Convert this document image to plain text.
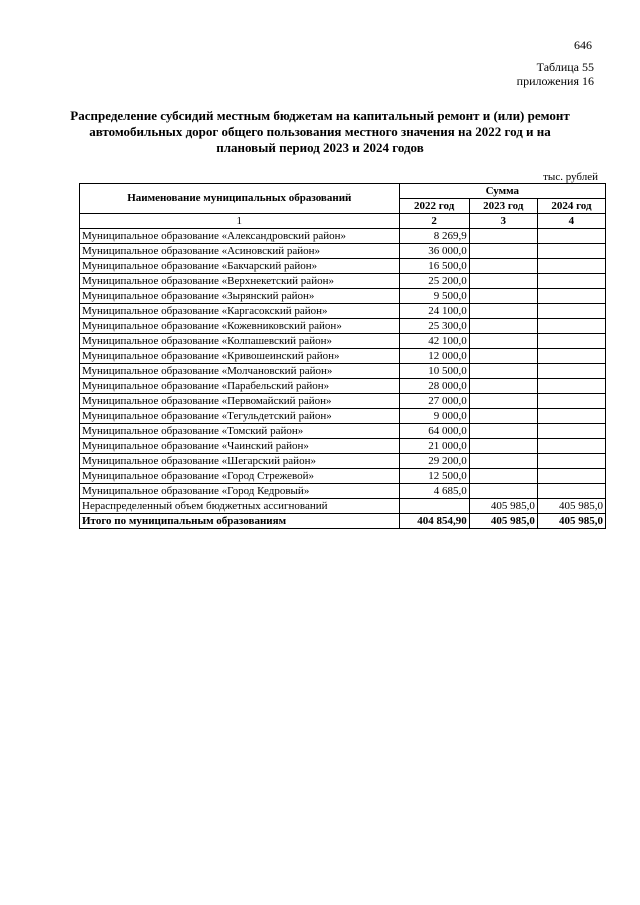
646
Таблица 55
приложения 16
Распределение субсидий местным бюджетам на капитальный ремонт и (или) ремонт автомобильных дорог общего пользования местного значения на 2022 год и на плановый период 2023 и 2024 годов
тыс. рублей
Наименование муниципальных образований	Сумма		
	2022 год	2023 год	2024 год
1	2	3	4
Муниципальное образование «Александровский район»	8 269,9		
Муниципальное образование «Асиновский район»	36 000,0		
Муниципальное образование «Бакчарский район»	16 500,0		
Муниципальное образование «Верхнекетский район»	25 200,0		
Муниципальное образование «Зырянский район»	9 500,0		
Муниципальное образование «Каргасокский район»	24 100,0		
Муниципальное образование «Кожевниковский район»	25 300,0		
Муниципальное образование «Колпашевский район»	42 100,0		
Муниципальное образование «Кривошеинский район»	12 000,0		
Муниципальное образование «Молчановский район»	10 500,0		
Муниципальное образование «Парабельский район»	28 000,0		
Муниципальное образование «Первомайский район»	27 000,0		
Муниципальное образование «Тегульдетский район»	9 000,0		
Муниципальное образование «Томский район»	64 000,0		
Муниципальное образование «Чаинский район»	21 000,0		
Муниципальное образование «Шегарский район»	29 200,0		
Муниципальное образование «Город Стрежевой»	12 500,0		
Муниципальное образование «Город Кедровый»	4 685,0		
Нераспределенный объем бюджетных ассигнований		405 985,0	405 985,0
Итого по муниципальным образованиям	404 854,90	405 985,0	405 985,0
